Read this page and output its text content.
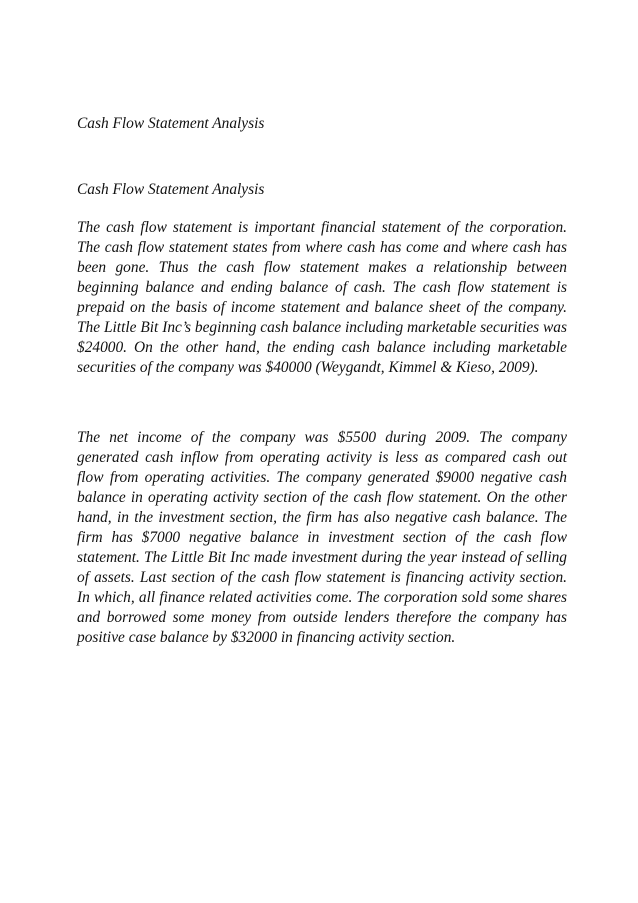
Cash Flow Statement Analysis

Cash Flow Statement Analysis

The cash flow statement is important financial statement of the corporation. The cash flow statement states from where cash has come and where cash has been gone. Thus the cash flow statement makes a relationship between beginning balance and ending balance of cash. The cash flow statement is prepaid on the basis of income statement and balance sheet of the company. The Little Bit Inc’s beginning cash balance including marketable securities was $24000. On the other hand, the ending cash balance including marketable securities of the company was $40000 (Weygandt, Kimmel & Kieso, 2009).

The net income of the company was $5500 during 2009. The company generated cash inflow from operating activity is less as compared cash out flow from operating activities. The company generated $9000 negative cash balance in operating activity section of the cash flow statement. On the other hand, in the investment section, the firm has also negative cash balance. The firm has $7000 negative balance in investment section of the cash flow statement. The Little Bit Inc made investment during the year instead of selling of assets. Last section of the cash flow statement is financing activity section. In which, all finance related activities come. The corporation sold some shares and borrowed some money from outside lenders therefore the company has positive case balance by $32000 in financing activity section.
